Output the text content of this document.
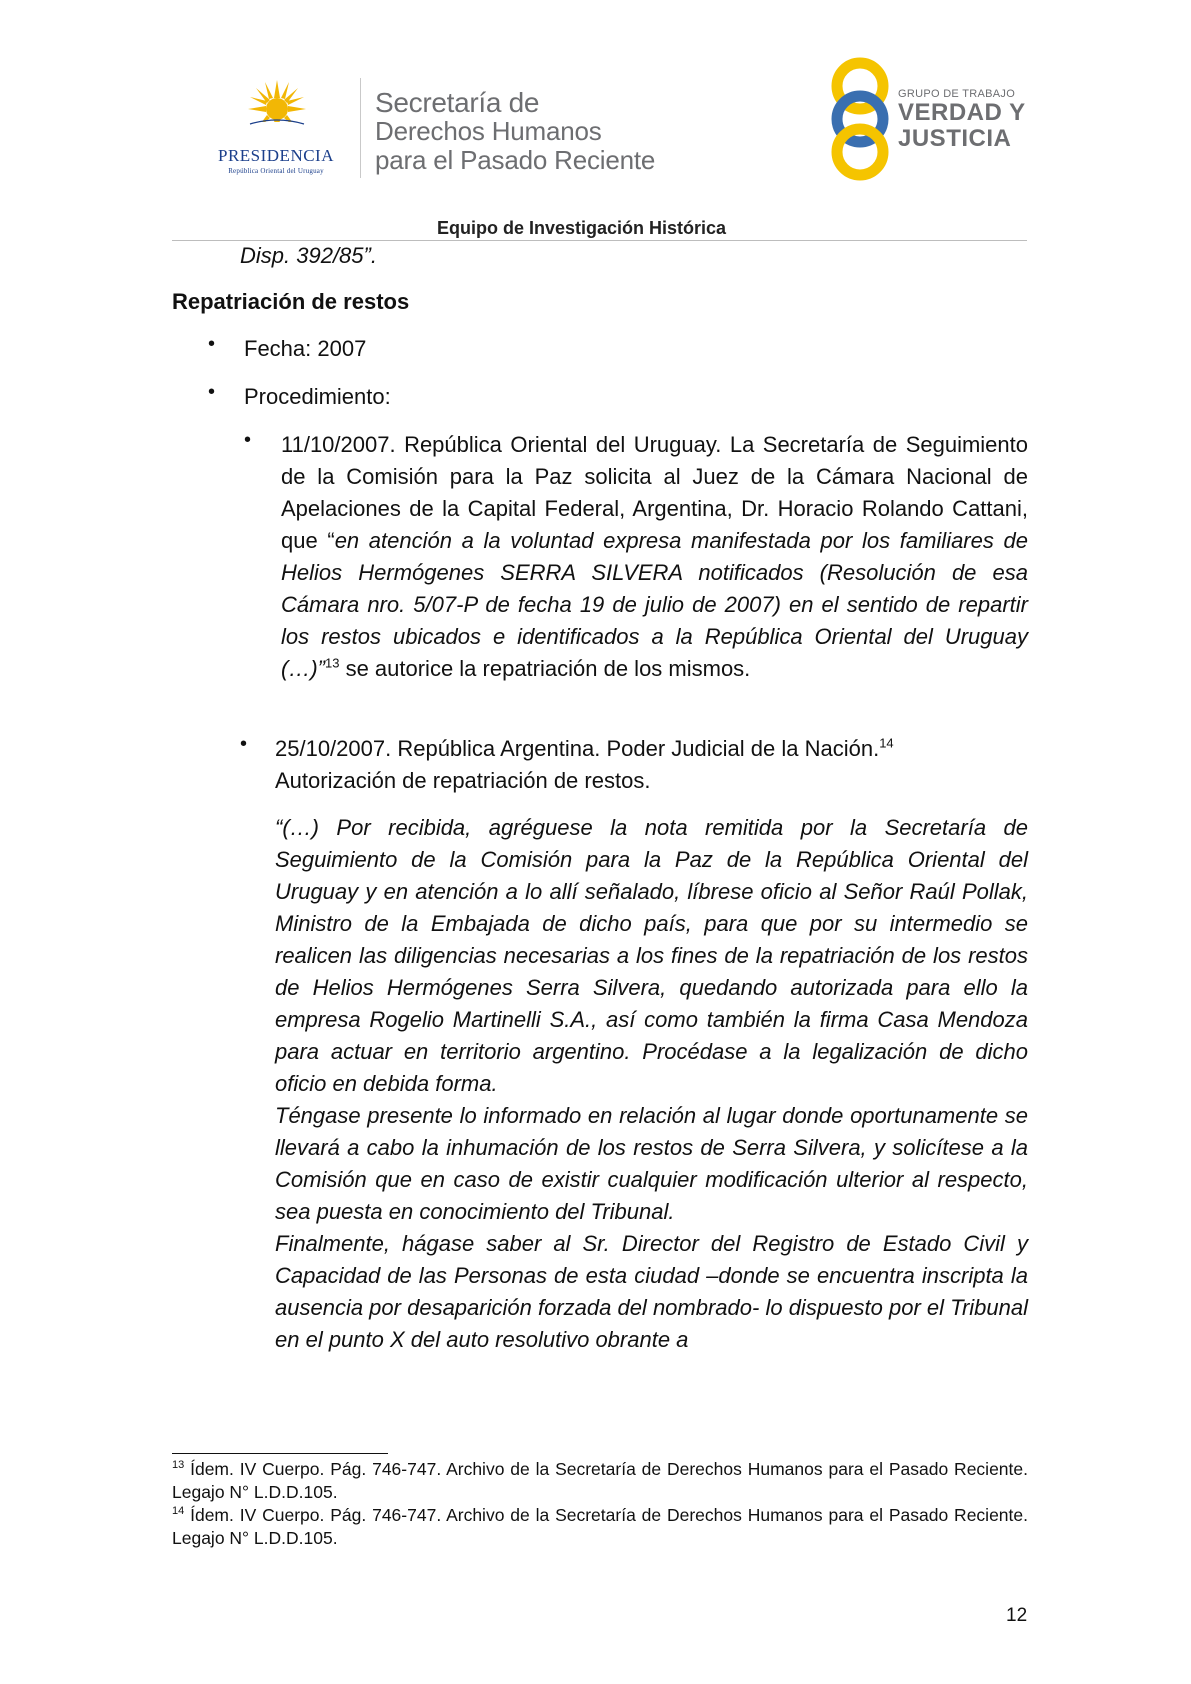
PRESIDENCIA
República Oriental del Uruguay
Secretaría de
Derechos Humanos
para el Pasado Reciente
GRUPO DE TRABAJO
VERDAD Y
JUSTICIA
Equipo de Investigación Histórica
Disp. 392/85”.
Repatriación de restos
• Fecha: 2007
• Procedimiento:
• 11/10/2007. República Oriental del Uruguay. La Secretaría de Seguimiento de la Comisión para la Paz solicita al Juez de la Cámara Nacional de Apelaciones de la Capital Federal, Argentina, Dr. Horacio Rolando Cattani, que “en atención a la voluntad expresa manifestada por los familiares de Helios Hermógenes SERRA SILVERA notificados (Resolución de esa Cámara nro. 5/07-P de fecha 19 de julio de 2007) en el sentido de repartir los restos ubicados e identificados a la República Oriental del Uruguay (…)”$^{13}$ se autorice la repatriación de los mismos.
• 25/10/2007. República Argentina. Poder Judicial de la Nación.$^{14}$
Autorización de repatriación de restos.
“(…) Por recibida, agréguese la nota remitida por la Secretaría de Seguimiento de la Comisión para la Paz de la República Oriental del Uruguay y en atención a lo allí señalado, líbrese oficio al Señor Raúl Pollak, Ministro de la Embajada de dicho país, para que por su intermedio se realicen las diligencias necesarias a los fines de la repatriación de los restos de Helios Hermógenes Serra Silvera, quedando autorizada para ello la empresa Rogelio Martinelli S.A., así como también la firma Casa Mendoza para actuar en territorio argentino. Procédase a la legalización de dicho oficio en debida forma.
Téngase presente lo informado en relación al lugar donde oportunamente se llevará a cabo la inhumación de los restos de Serra Silvera, y solicítese a la Comisión que en caso de existir cualquier modificación ulterior al respecto, sea puesta en conocimiento del Tribunal.
Finalmente, hágase saber al Sr. Director del Registro de Estado Civil y Capacidad de las Personas de esta ciudad –donde se encuentra inscripta la ausencia por desaparición forzada del nombrado- lo dispuesto por el Tribunal en el punto X del auto resolutivo obrante a
$^{13}$ Ídem. IV Cuerpo. Pág. 746-747. Archivo de la Secretaría de Derechos Humanos para el Pasado Reciente. Legajo N° L.D.D.105.
$^{14}$ Ídem. IV Cuerpo. Pág. 746-747. Archivo de la Secretaría de Derechos Humanos para el Pasado Reciente. Legajo N° L.D.D.105.
12
